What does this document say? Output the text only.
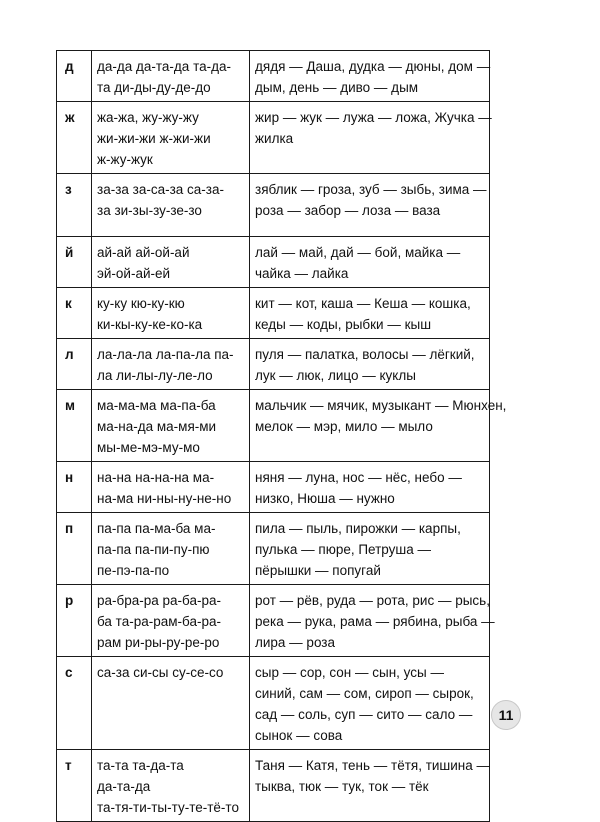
д	да-да да-та-да та-да-
та ди-ды-ду-де-до	дядя — Даша, дудка — дюны, дом —
дым, день — диво — дым

ж	жа-жа, жу-жу-жу
жи-жи-жи ж-жи-жи
ж-жу-жук	жир — жук — лужа — ложа, Жучка —
жилка

з	за-за за-са-за са-за-
за зи-зы-зу-зе-зо	зяблик — гроза, зуб — зыбь, зима —
роза — забор — лоза — ваза

й	ай-ай ай-ой-ай
эй-ой-ай-ей	лай — май, дай — бой, майка —
чайка — лайка

к	ку-ку кю-ку-кю
ки-кы-ку-ке-ко-ка	кит — кот, каша — Кеша — кошка,
кеды — коды, рыбки — кыш

л	ла-ла-ла ла-па-ла па-
ла ли-лы-лу-ле-ло	пуля — палатка, волосы — лёгкий,
лук — люк, лицо — куклы

м	ма-ма-ма ма-па-ба
ма-на-да ма-мя-ми
мы-ме-мэ-му-мо	мальчик — мячик, музыкант — Мюнхен,
мелок — мэр, мило — мыло

н	на-на на-на-на ма-
на-ма ни-ны-ну-не-но	няня — луна, нос — нёс, небо —
низко, Нюша — нужно

п	па-па па-ма-ба ма-
па-па па-пи-пу-пю
пе-пэ-па-по	пила — пыль, пирожки — карпы,
пулька — пюре, Петруша —
пёрышки — попугай

р	ра-бра-ра ра-ба-ра-
ба та-ра-рам-ба-ра-
рам ри-ры-ру-ре-ро	рот — рёв, руда — рота, рис — рысь,
река — рука, рама — рябина, рыба —
лира — роза

с	са-за си-сы су-се-со	сыр — сор, сон — сын, усы —
синий, сам — сом, сироп — сырок,
сад — соль, суп — сито — сало —
сынок — сова

т	та-та та-да-та
да-та-да
та-тя-ти-ты-ту-те-тё-то	Таня — Катя, тень — тётя, тишина —
тыква, тюк — тук, ток — тёк
11
